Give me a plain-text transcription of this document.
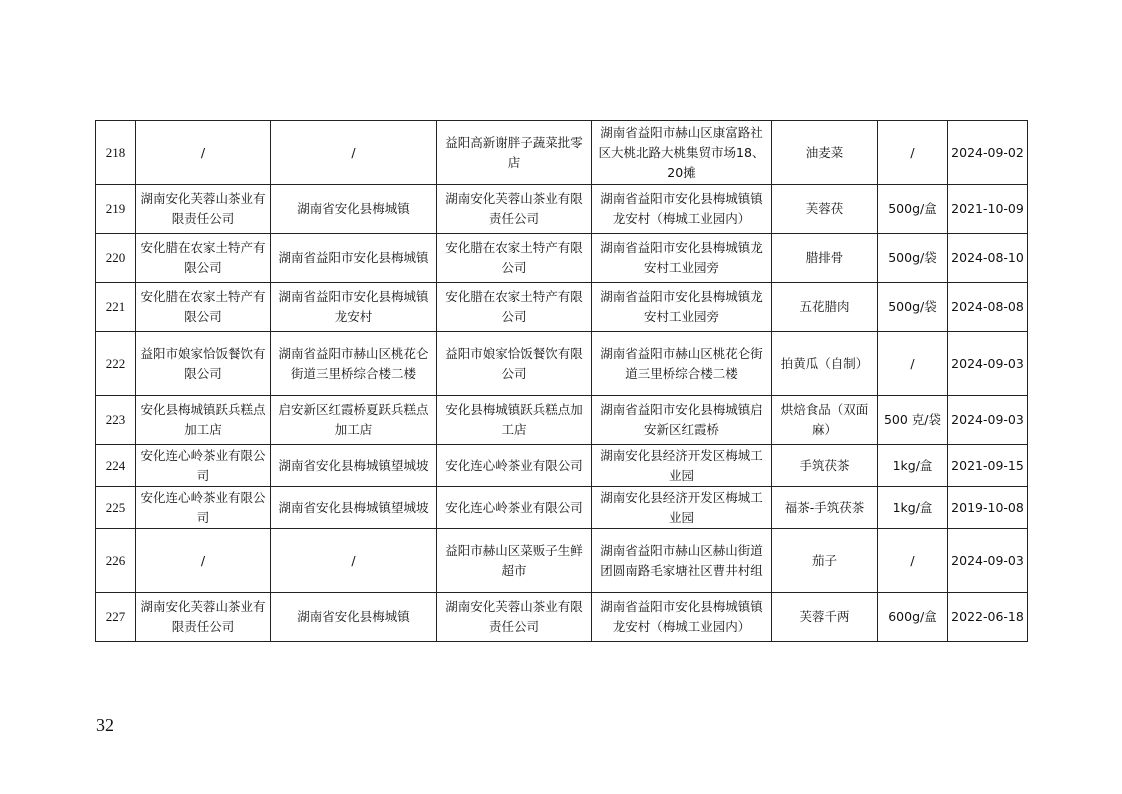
218	/	/	益阳高新谢胖子蔬菜批零店	湖南省益阳市赫山区康富路社区大桃北路大桃集贸市场18、20摊	油麦菜	/	2024-09-02
219	湖南安化芙蓉山茶业有限责任公司	湖南省安化县梅城镇	湖南安化芙蓉山茶业有限责任公司	湖南省益阳市安化县梅城镇镇龙安村（梅城工业园内）	芙蓉茯	500g/盒	2021-10-09
220	安化腊在农家土特产有限公司	湖南省益阳市安化县梅城镇	安化腊在农家土特产有限公司	湖南省益阳市安化县梅城镇龙安村工业园旁	腊排骨	500g/袋	2024-08-10
221	安化腊在农家土特产有限公司	湖南省益阳市安化县梅城镇龙安村	安化腊在农家土特产有限公司	湖南省益阳市安化县梅城镇龙安村工业园旁	五花腊肉	500g/袋	2024-08-08
222	益阳市娘家恰饭餐饮有限公司	湖南省益阳市赫山区桃花仑街道三里桥综合楼二楼	益阳市娘家恰饭餐饮有限公司	湖南省益阳市赫山区桃花仑街道三里桥综合楼二楼	拍黄瓜（自制）	/	2024-09-03
223	安化县梅城镇跃兵糕点加工店	启安新区红霞桥夏跃兵糕点加工店	安化县梅城镇跃兵糕点加工店	湖南省益阳市安化县梅城镇启安新区红霞桥	烘焙食品（双面麻）	500 克/袋	2024-09-03
224	安化连心岭茶业有限公司	湖南省安化县梅城镇望城坡	安化连心岭茶业有限公司	湖南安化县经济开发区梅城工业园	手筑茯茶	1kg/盒	2021-09-15
225	安化连心岭茶业有限公司	湖南省安化县梅城镇望城坡	安化连心岭茶业有限公司	湖南安化县经济开发区梅城工业园	福茶-手筑茯茶	1kg/盒	2019-10-08
226	/	/	益阳市赫山区菜贩子生鲜超市	湖南省益阳市赫山区赫山街道团圆南路毛家塘社区曹井村组	茄子	/	2024-09-03
227	湖南安化芙蓉山茶业有限责任公司	湖南省安化县梅城镇	湖南安化芙蓉山茶业有限责任公司	湖南省益阳市安化县梅城镇镇龙安村（梅城工业园内）	芙蓉千两	600g/盒	2022-06-18
32
